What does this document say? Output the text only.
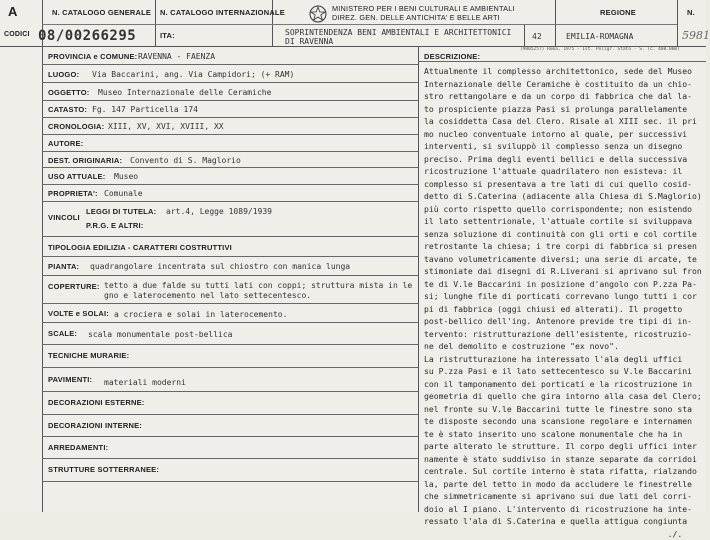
A
CODICI
N. CATALOGO GENERALE
08/00266295
N. CATALOGO INTERNAZIONALE
ITA:
MINISTERO PER I BENI CULTURALI E AMBIENTALI
DIREZ. GEN. DELLE ANTICHITA' E BELLE ARTI
SOPRINTENDENZA BENI AMBIENTALI E ARCHITETTONICI
DI RAVENNA
42
REGIONE
EMILIA-ROMAGNA
N.
5981
(9805257) Roma, 1975 - Ist. Poligr. Stato - S. (c. 400.000)
PROVINCIA e COMUNE: RAVENNA - FAENZA
LUOGO: Via Baccarini, ang. Via Campidori; (+ RAM)
OGGETTO: Museo Internazionale delle Ceramiche
CATASTO: Fg. 147 Particella 174
CRONOLOGIA: XIII, XV, XVI, XVIII, XX
AUTORE:
DEST. ORIGINARIA: Convento di S. Maglorio
USO ATTUALE: Museo
PROPRIETA': Comunale
VINCOLI
LEGGI DI TUTELA: art.4, Legge 1089/1939
P.R.G. E ALTRI:
TIPOLOGIA EDILIZIA - CARATTERI COSTRUTTIVI
PIANTA: quadrangolare incentrata sul chiostro con manica lunga
COPERTURE: tetto a due falde su tutti lati con coppi; struttura mista in le
gno e laterocemento nel lato settecentesco.
VOLTE e SOLAI: a crociera e solai in laterocemento.
SCALE: scala monumentale post-bellica
TECNICHE MURARIE:
PAVIMENTI: materiali moderni
DECORAZIONI ESTERNE:
DECORAZIONI INTERNE:
ARREDAMENTI:
STRUTTURE SOTTERRANEE:
DESCRIZIONE:
Attualmente il complesso architettonico, sede del Museo
Internazionale delle Ceramiche è costituito da un chio-
stro rettangolare e da un corpo di fabbrica che dal la-
to prospiciente piazza Pasi si prolunga parallelamente
la cosiddetta Casa del Clero. Risale al XIII sec. il pri
mo nucleo conventuale intorno al quale, per successivi
interventi, si sviluppò il complesso senza un disegno
preciso. Prima degli eventi bellici e della successiva
ricostruzione l'attuale quadrilatero non esisteva: il
complesso si presentava a tre lati di cui quello cosid-
detto di S.Caterina (adiacente alla Chiesa di S.Maglorio)
più corto rispetto quello corrispondente; non esistendo
il lato settentrionale, l'attuale cortile si sviluppava
senza soluzione di continuità con gli orti e col cortile
retrostante la chiesa; i tre corpi di fabbrica si presen
tavano volumetricamente diversi; una serie di arcate, te
stimoniate dai disegni di R.Liverani si aprivano sul fron
te di V.le Baccarini in posizione d'angolo con P.zza Pa-
si; lunghe file di porticati correvano lungo tutti i cor
pi di fabbrica (oggi chiusi ed alterati). Il progetto
post-bellico dell'ing. Antenore previde tre tipi di in-
tervento: ristrutturazione dell'esistente, ricostruzio-
ne del demolito e costruzione "ex novo".
La ristrutturazione ha interessato l'ala degli uffici
su P.zza Pasi e il lato settecentesco su V.le Baccarini
con il tamponamento dei porticati e la ricostruzione in
geometria di quello che gira intorno alla casa del Clero;
nel fronte su V.le Baccarini tutte le finestre sono sta
te disposte secondo una scansione regolare e internamen
te è stato inserito uno scalone monumentale che ha in
parte alterato le strutture. Il corpo degli uffici inter
namente è stato suddiviso in stanze separate da corridoi
centrale. Sul cortile interno è stata rifatta, rialzando
la, parte del tetto in modo da accludere le finestrelle
che simmetricamente si aprivano sui due lati del corri-
doio al I piano. L'intervento di ricostruzione ha inte-
ressato l'ala di S.Caterina e quella attigua congiunta
./.
